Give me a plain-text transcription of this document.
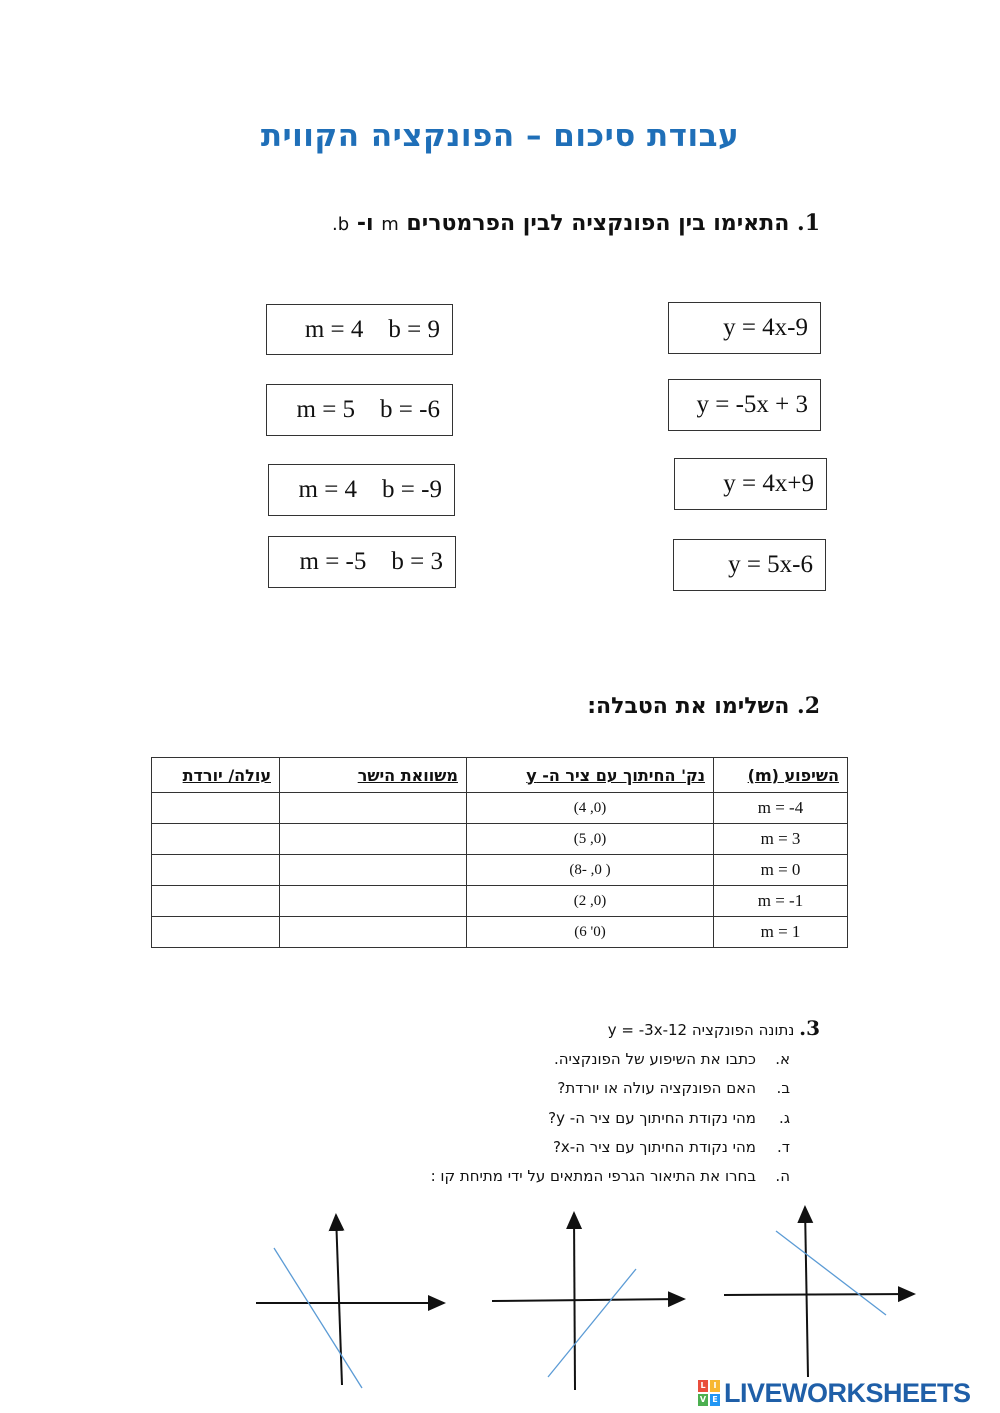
עבודת סיכום – הפונקציה הקווית
1. התאימו בין הפונקציה לבין הפרמטרים m ו- b.
m = 4    b = 9
m = 5    b = -6
m = 4    b = -9
m = -5    b = 3
y = 4x-9
y = -5x + 3
y = 4x+9
y = 5x-6
2. השלימו את הטבלה:
השיפוע (m)	נק' החיתוך עם ציר ה- y	משוואת הישר	עולה/ יורדת
m = -4	(0, 4)		
m = 3	(0, 5)		
m = 0	( 0, -8)		
m = -1	(0, 2)		
m = 1	(0' 6)		
3. נתונה הפונקציה y = -3x-12
א.כתבו את השיפוע של הפונקציה.
ב.האם הפונקציה עולה או יורדת?
ג.מהי נקודת החיתוך עם ציר ה- y?
ד.מהי נקודת החיתוך עם ציר ה-x?
ה.בחרו את התיאור הגרפי המתאים על ידי מתיחת קו :
L I
V E LIVEWORKSHEETS
